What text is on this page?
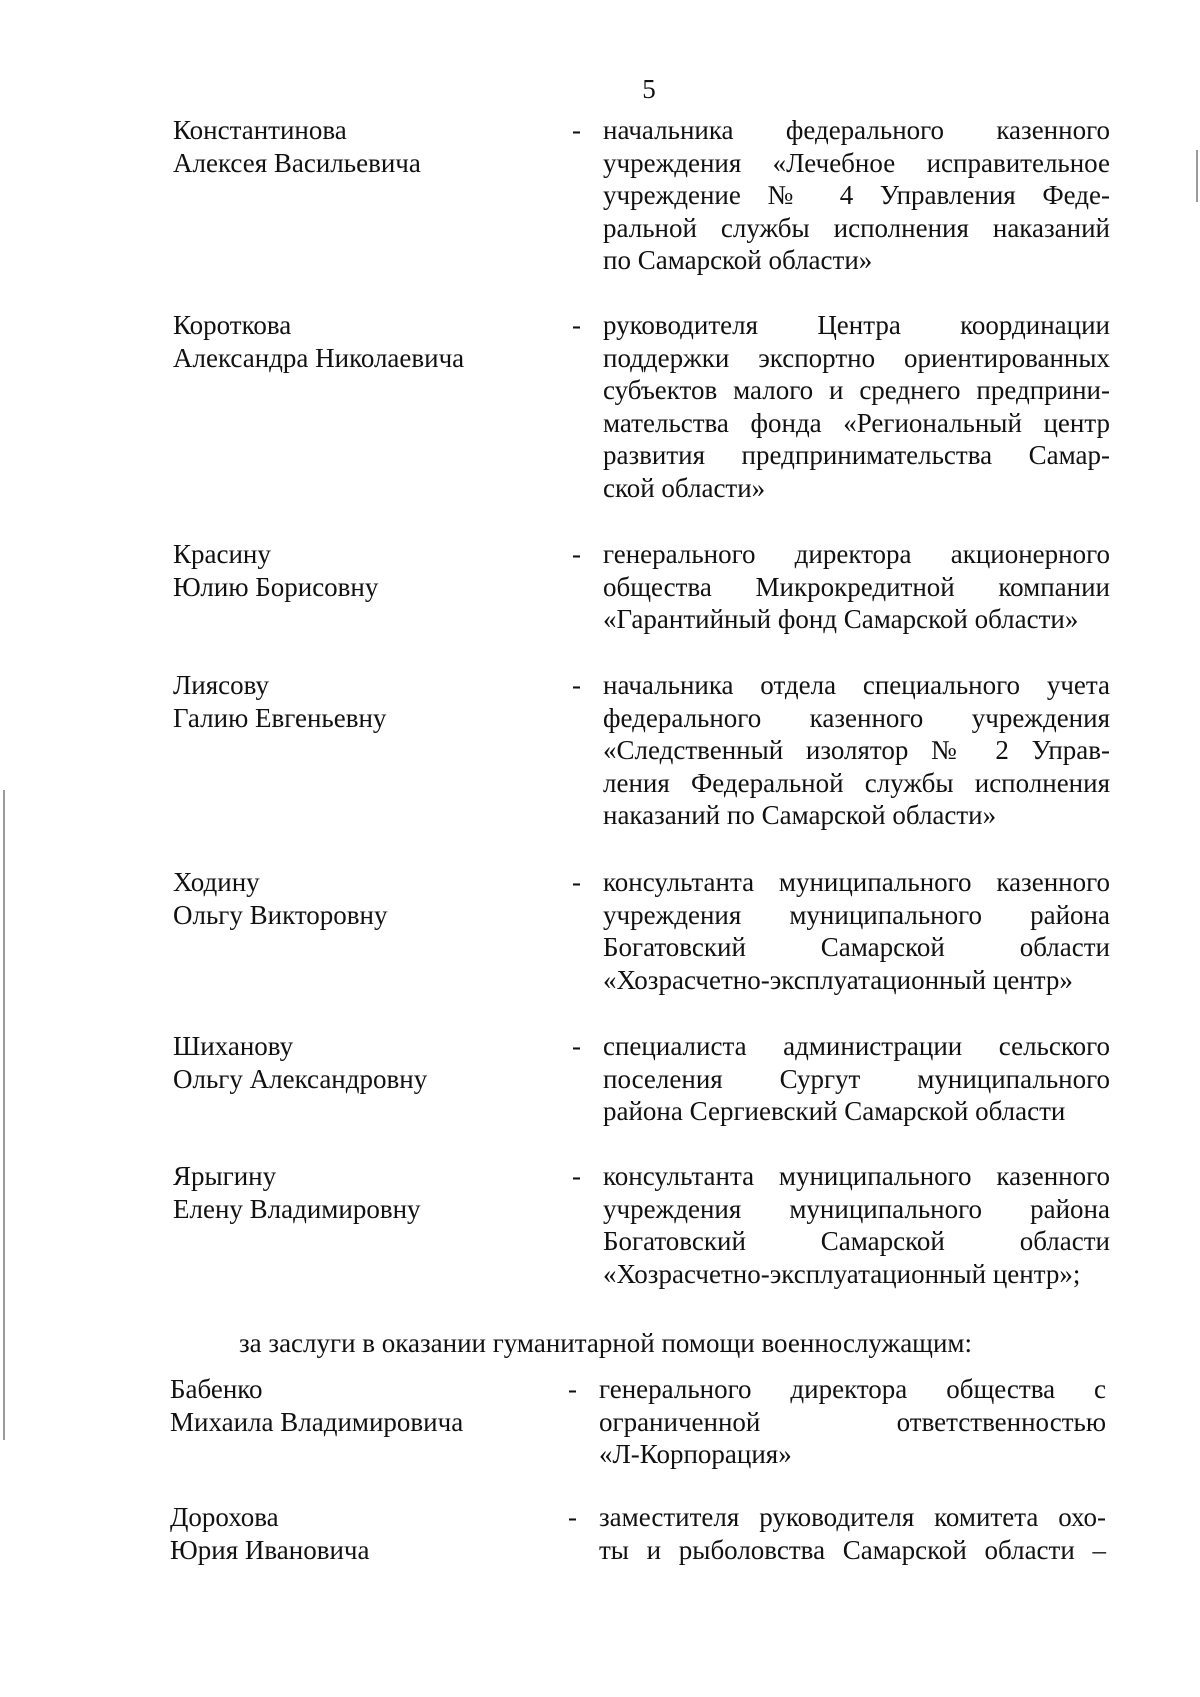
5
Константинова
Алексея Васильевича
- начальника федерального казенного
учреждения «Лечебное исправительное
учреждение № 4 Управления Феде-
ральной службы исполнения наказаний
по Самарской области»
Короткова
Александра Николаевича
- руководителя Центра координации
поддержки экспортно ориентированных
субъектов малого и среднего предприни-
мательства фонда «Региональный центр
развития предпринимательства Самар-
ской области»
Красину
Юлию Борисовну
- генерального директора акционерного
общества Микрокредитной компании
«Гарантийный фонд Самарской области»
Лиясову
Галию Евгеньевну
- начальника отдела специального учета
федерального казенного учреждения
«Следственный изолятор № 2 Управ-
ления Федеральной службы исполнения
наказаний по Самарской области»
Ходину
Ольгу Викторовну
- консультанта муниципального казенного
учреждения муниципального района
Богатовский Самарской области
«Хозрасчетно-эксплуатационный центр»
Шиханову
Ольгу Александровну
- специалиста администрации сельского
поселения Сургут муниципального
района Сергиевский Самарской области
Ярыгину
Елену Владимировну
- консультанта муниципального казенного
учреждения муниципального района
Богатовский Самарской области
«Хозрасчетно-эксплуатационный центр»;
за заслуги в оказании гуманитарной помощи военнослужащим:
Бабенко
Михаила Владимировича
- генерального директора общества с
ограниченной ответственностью
«Л-Корпорация»
Дорохова
Юрия Ивановича
- заместителя руководителя комитета охо-
ты и рыболовства Самарской области –
